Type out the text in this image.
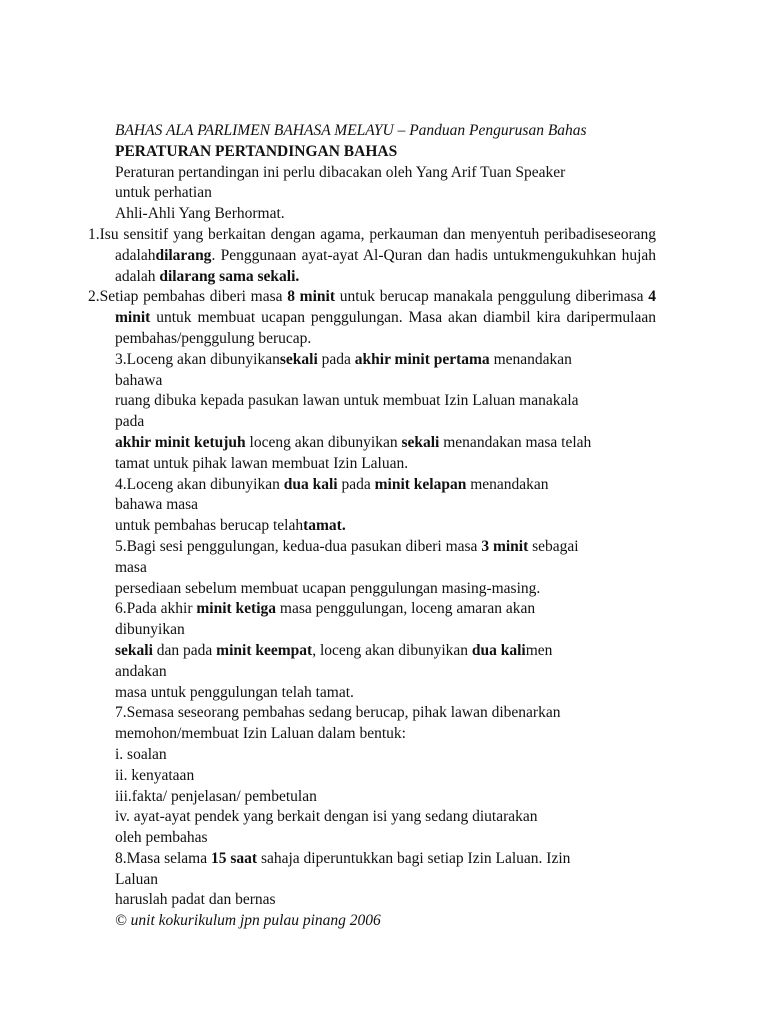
BAHAS ALA PARLIMEN BAHASA MELAYU – Panduan Pengurusan Bahas
PERATURAN PERTANDINGAN BAHAS
Peraturan pertandingan ini perlu dibacakan oleh Yang Arif Tuan Speaker
untuk perhatian
Ahli-Ahli Yang Berhormat.
1.Isu sensitif yang berkaitan dengan agama, perkauman dan menyentuh peribadiseseorang adalahdilarang. Penggunaan ayat-ayat Al-Quran dan hadis untukmengukuhkan hujah adalah dilarang sama sekali.
2.Setiap pembahas diberi masa 8 minit untuk berucap manakala penggulung diberimasa 4 minit untuk membuat ucapan penggulungan. Masa akan diambil kira daripermulaan pembahas/penggulung berucap.
3.Loceng akan dibunyikansekali pada akhir minit pertama menandakan
bahawa
ruang dibuka kepada pasukan lawan untuk membuat Izin Laluan manakala
pada
akhir minit ketujuh loceng akan dibunyikan sekali menandakan masa telah
tamat untuk pihak lawan membuat Izin Laluan.
4.Loceng akan dibunyikan dua kali pada minit kelapan menandakan
bahawa masa
untuk pembahas berucap telahtamat.
5.Bagi sesi penggulungan, kedua-dua pasukan diberi masa 3 minit sebagai
masa
persediaan sebelum membuat ucapan penggulungan masing-masing.
6.Pada akhir minit ketiga masa penggulungan, loceng amaran akan
dibunyikan
sekali dan pada minit keempat, loceng akan dibunyikan dua kalimen
andakan
masa untuk penggulungan telah tamat.
7.Semasa seseorang pembahas sedang berucap, pihak lawan dibenarkan
memohon/membuat Izin Laluan dalam bentuk:
i. soalan
ii. kenyataan
iii.fakta/ penjelasan/ pembetulan
iv. ayat-ayat pendek yang berkait dengan isi yang sedang diutarakan
oleh pembahas
8.Masa selama 15 saat sahaja diperuntukkan bagi setiap Izin Laluan. Izin
Laluan
haruslah padat dan bernas
© unit kokurikulum jpn pulau pinang 2006
